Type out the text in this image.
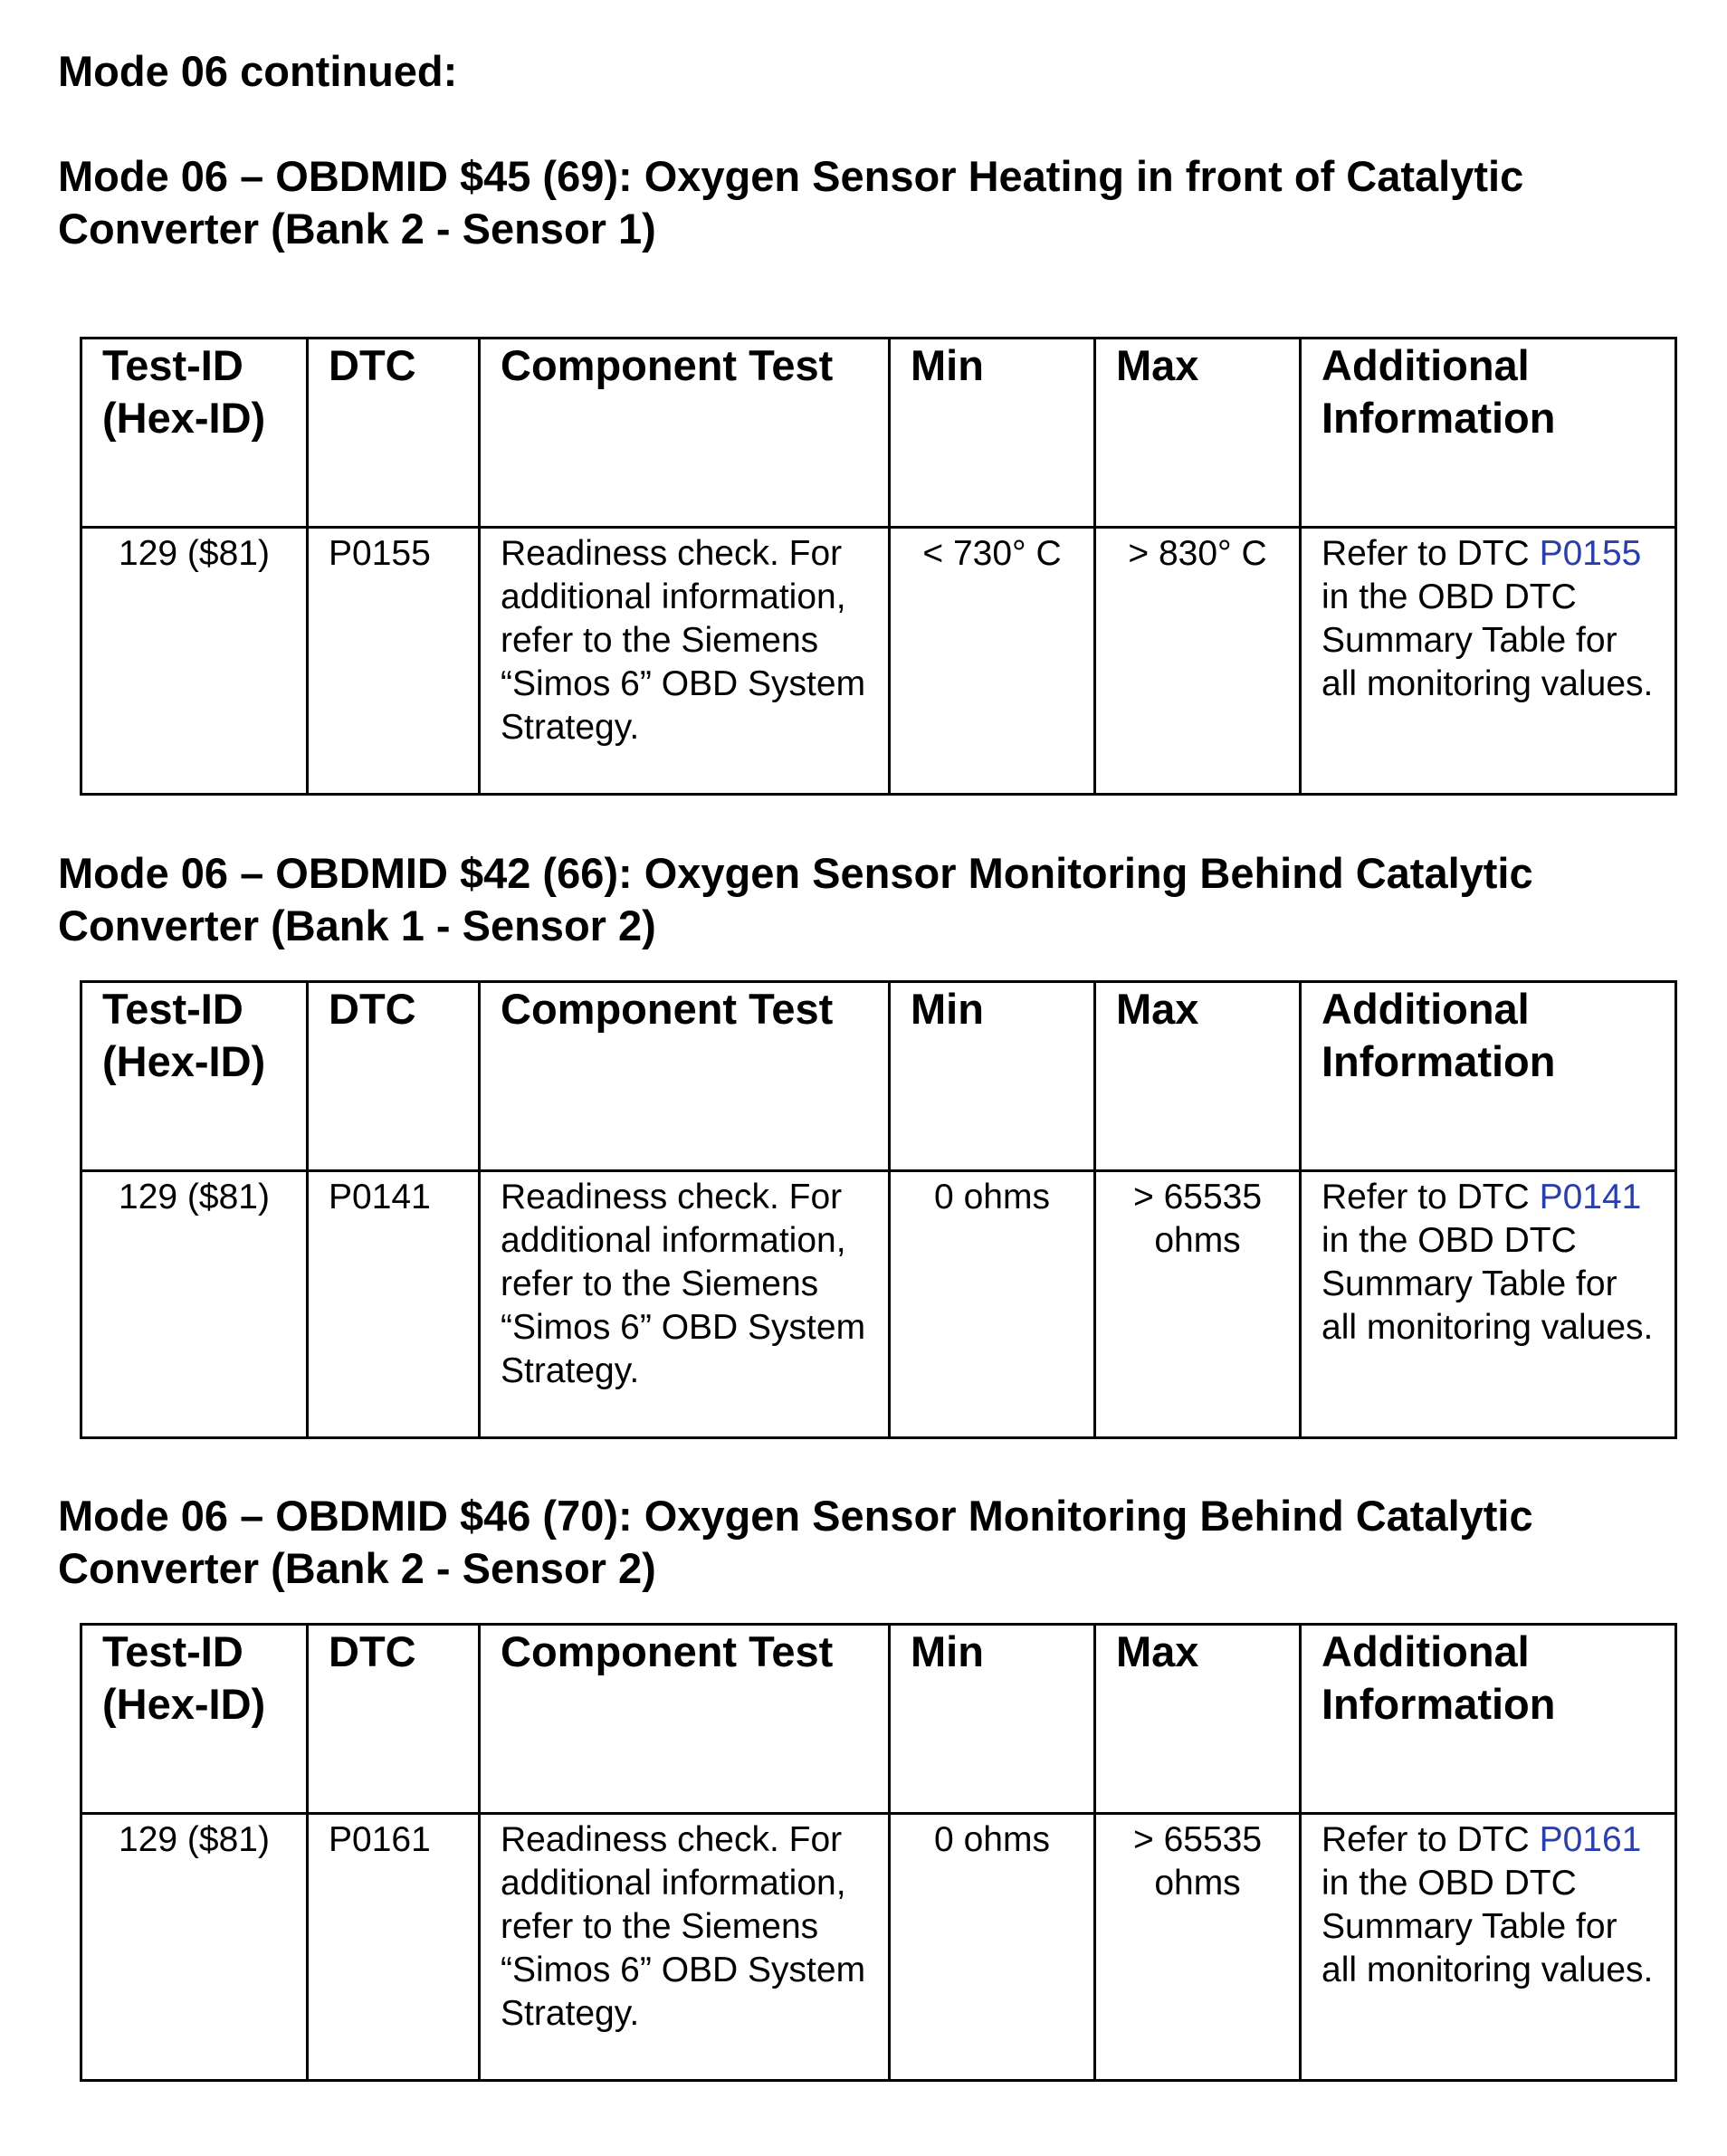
Mode 06 continued:
Mode 06 – OBDMID $45 (69): Oxygen Sensor Heating in front of Catalytic Converter (Bank 2 - Sensor 1)
Test-ID (Hex-ID)	DTC	Component Test	Min	Max	Additional Information
129 ($81)	P0155	Readiness check. For additional information, refer to the Siemens “Simos 6” OBD System Strategy.	< 730° C	> 830° C	Refer to DTC P0155 in the OBD DTC Summary Table for all monitoring values.
Mode 06 – OBDMID $42 (66): Oxygen Sensor Monitoring Behind Catalytic Converter (Bank 1 - Sensor 2)
Test-ID (Hex-ID)	DTC	Component Test	Min	Max	Additional Information
129 ($81)	P0141	Readiness check. For additional information, refer to the Siemens “Simos 6” OBD System Strategy.	0 ohms	> 65535 ohms	Refer to DTC P0141 in the OBD DTC Summary Table for all monitoring values.
Mode 06 – OBDMID $46 (70): Oxygen Sensor Monitoring Behind Catalytic Converter (Bank 2 - Sensor 2)
Test-ID (Hex-ID)	DTC	Component Test	Min	Max	Additional Information
129 ($81)	P0161	Readiness check. For additional information, refer to the Siemens “Simos 6” OBD System Strategy.	0 ohms	> 65535 ohms	Refer to DTC P0161 in the OBD DTC Summary Table for all monitoring values.
